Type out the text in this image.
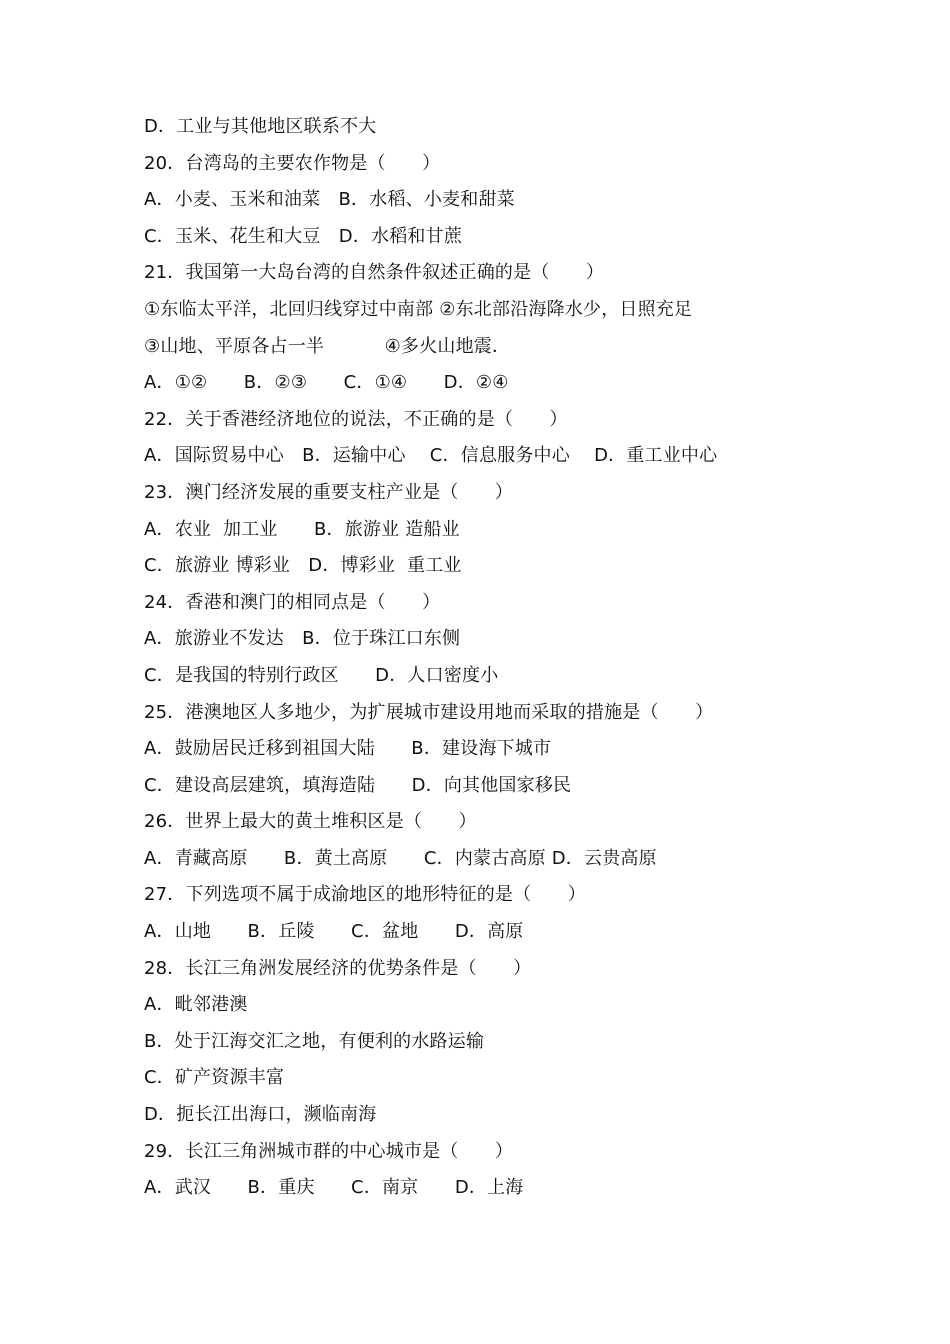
D．工业与其他地区联系不大
20．台湾岛的主要农作物是（　　）
A．小麦、玉米和油菜　B．水稻、小麦和甜菜
C．玉米、花生和大豆　D．水稻和甘蔗
21．我国第一大岛台湾的自然条件叙述正确的是（　　）
①东临太平洋，北回归线穿过中南部 ②东北部沿海降水少，日照充足
③山地、平原各占一半　　　 ④多火山地震．
A．①②　　B．②③　　C．①④　　D．②④
22．关于香港经济地位的说法，不正确的是（　　）
A．国际贸易中心　B．运输中心　 C．信息服务中心　 D．重工业中心
23．澳门经济发展的重要支柱产业是（　　）
A．农业  加工业　　B．旅游业 造船业
C．旅游业 博彩业　D．博彩业  重工业
24．香港和澳门的相同点是（　　）
A．旅游业不发达　B．位于珠江口东侧
C．是我国的特别行政区　　D．人口密度小
25．港澳地区人多地少，为扩展城市建设用地而采取的措施是（　　）
A．鼓励居民迁移到祖国大陆　　B．建设海下城市
C．建设高层建筑，填海造陆　　D．向其他国家移民
26．世界上最大的黄土堆积区是（　　）
A．青藏高原　　B．黄土高原　　C．内蒙古高原 D．云贵高原
27．下列选项不属于成渝地区的地形特征的是（　　）
A．山地　　B．丘陵　　C．盆地　　D．高原
28．长江三角洲发展经济的优势条件是（　　）
A．毗邻港澳
B．处于江海交汇之地，有便利的水路运输
C．矿产资源丰富
D．扼长江出海口，濒临南海
29．长江三角洲城市群的中心城市是（　　）
A．武汉　　B．重庆　　C．南京　　D．上海
